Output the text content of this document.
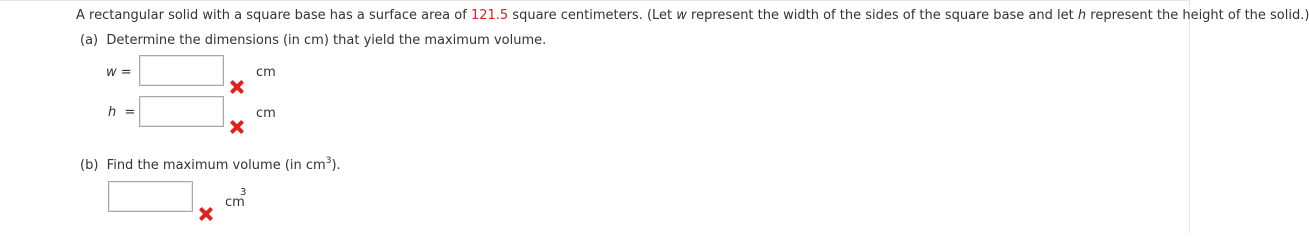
A rectangular solid with a square base has a surface area of 121.5 square centimeters. (Let w represent the width of the sides of the square base and let h represent the height of the solid.)
(a) Determine the dimensions (in cm) that yield the maximum volume.
w =	cm
h =	cm
(b) Find the maximum volume (in $cm^3$).
cm
3
